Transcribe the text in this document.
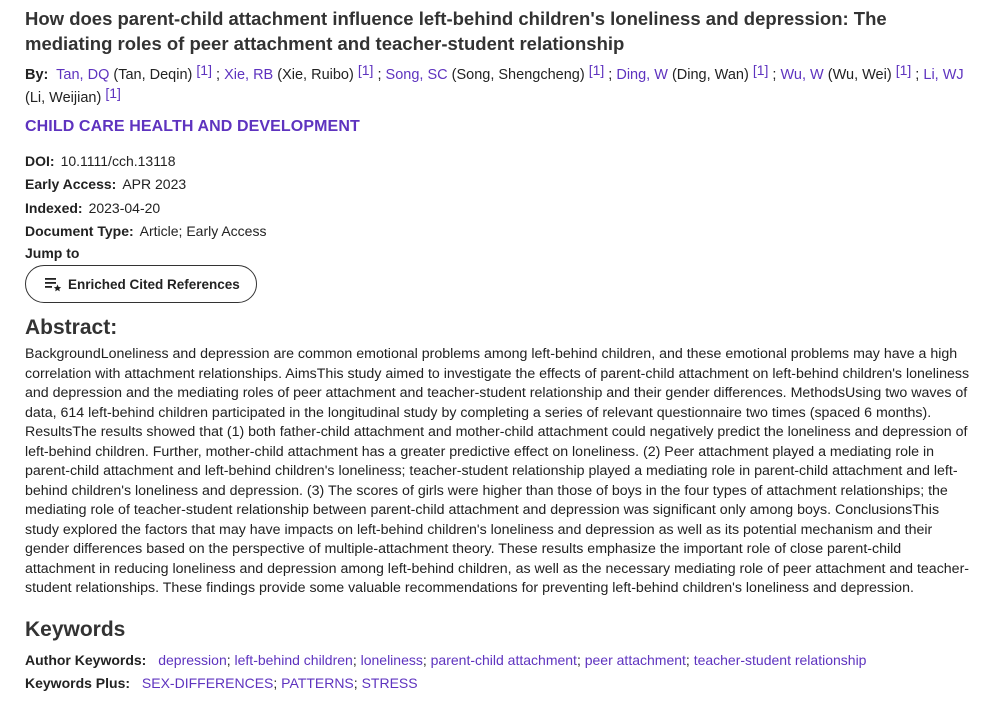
How does parent-child attachment influence left-behind children's loneliness and depression: The mediating roles of peer attachment and teacher-student relationship
By: Tan, DQ (Tan, Deqin) [1] ; Xie, RB (Xie, Ruibo) [1] ; Song, SC (Song, Shengcheng) [1] ; Ding, W (Ding, Wan) [1] ; Wu, W (Wu, Wei) [1] ; Li, WJ (Li, Weijian) [1]
CHILD CARE HEALTH AND DEVELOPMENT
DOI: 10.1111/cch.13118
Early Access: APR 2023
Indexed: 2023-04-20
Document Type: Article; Early Access
Jump to
Enriched Cited References
Abstract:

BackgroundLoneliness and depression are common emotional problems among left-behind children, and these emotional problems may have a high correlation with attachment relationships. AimsThis study aimed to investigate the effects of parent-child attachment on left-behind children's loneliness and depression and the mediating roles of peer attachment and teacher-student relationship and their gender differences. MethodsUsing two waves of data, 614 left-behind children participated in the longitudinal study by completing a series of relevant questionnaire two times (spaced 6 months). ResultsThe results showed that (1) both father-child attachment and mother-child attachment could negatively predict the loneliness and depression of left-behind children. Further, mother-child attachment has a greater predictive effect on loneliness. (2) Peer attachment played a mediating role in parent-child attachment and left-behind children's loneliness; teacher-student relationship played a mediating role in parent-child attachment and left-behind children's loneliness and depression. (3) The scores of girls were higher than those of boys in the four types of attachment relationships; the mediating role of teacher-student relationship between parent-child attachment and depression was significant only among boys. ConclusionsThis study explored the factors that may have impacts on left-behind children's loneliness and depression as well as its potential mechanism and their gender differences based on the perspective of multiple-attachment theory. These results emphasize the important role of close parent-child attachment in reducing loneliness and depression among left-behind children, as well as the necessary mediating role of peer attachment and teacher-student relationships. These findings provide some valuable recommendations for preventing left-behind children's loneliness and depression.

Keywords
Author Keywords: depression; left-behind children; loneliness; parent-child attachment; peer attachment; teacher-student relationship
Keywords Plus: SEX-DIFFERENCES; PATTERNS; STRESS
